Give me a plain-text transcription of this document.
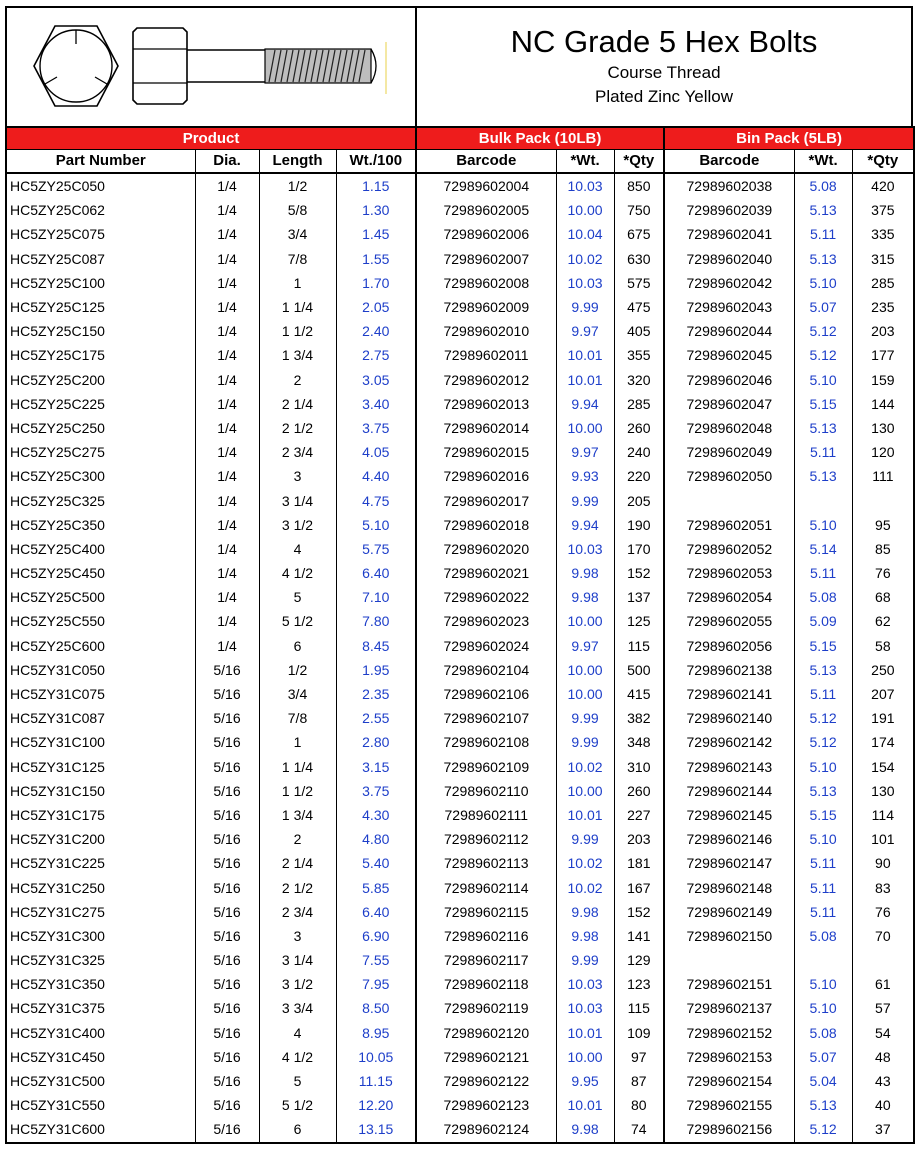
NC Grade 5 Hex Bolts
Course Thread
Plated Zinc Yellow
Product				Bulk Pack (10LB)			Bin Pack (5LB)		
Part Number	Dia.	Length	Wt./100	Barcode	*Wt.	*Qty	Barcode	*Wt.	*Qty
HC5ZY25C050	1/4	1/2	1.15	72989602004	10.03	850	72989602038	5.08	420
HC5ZY25C062	1/4	5/8	1.30	72989602005	10.00	750	72989602039	5.13	375
HC5ZY25C075	1/4	3/4	1.45	72989602006	10.04	675	72989602041	5.11	335
HC5ZY25C087	1/4	7/8	1.55	72989602007	10.02	630	72989602040	5.13	315
HC5ZY25C100	1/4	1	1.70	72989602008	10.03	575	72989602042	5.10	285
HC5ZY25C125	1/4	1 1/4	2.05	72989602009	9.99	475	72989602043	5.07	235
HC5ZY25C150	1/4	1 1/2	2.40	72989602010	9.97	405	72989602044	5.12	203
HC5ZY25C175	1/4	1 3/4	2.75	72989602011	10.01	355	72989602045	5.12	177
HC5ZY25C200	1/4	2	3.05	72989602012	10.01	320	72989602046	5.10	159
HC5ZY25C225	1/4	2 1/4	3.40	72989602013	9.94	285	72989602047	5.15	144
HC5ZY25C250	1/4	2 1/2	3.75	72989602014	10.00	260	72989602048	5.13	130
HC5ZY25C275	1/4	2 3/4	4.05	72989602015	9.97	240	72989602049	5.11	120
HC5ZY25C300	1/4	3	4.40	72989602016	9.93	220	72989602050	5.13	111
HC5ZY25C325	1/4	3 1/4	4.75	72989602017	9.99	205			
HC5ZY25C350	1/4	3 1/2	5.10	72989602018	9.94	190	72989602051	5.10	95
HC5ZY25C400	1/4	4	5.75	72989602020	10.03	170	72989602052	5.14	85
HC5ZY25C450	1/4	4 1/2	6.40	72989602021	9.98	152	72989602053	5.11	76
HC5ZY25C500	1/4	5	7.10	72989602022	9.98	137	72989602054	5.08	68
HC5ZY25C550	1/4	5 1/2	7.80	72989602023	10.00	125	72989602055	5.09	62
HC5ZY25C600	1/4	6	8.45	72989602024	9.97	115	72989602056	5.15	58
HC5ZY31C050	5/16	1/2	1.95	72989602104	10.00	500	72989602138	5.13	250
HC5ZY31C075	5/16	3/4	2.35	72989602106	10.00	415	72989602141	5.11	207
HC5ZY31C087	5/16	7/8	2.55	72989602107	9.99	382	72989602140	5.12	191
HC5ZY31C100	5/16	1	2.80	72989602108	9.99	348	72989602142	5.12	174
HC5ZY31C125	5/16	1 1/4	3.15	72989602109	10.02	310	72989602143	5.10	154
HC5ZY31C150	5/16	1 1/2	3.75	72989602110	10.00	260	72989602144	5.13	130
HC5ZY31C175	5/16	1 3/4	4.30	72989602111	10.01	227	72989602145	5.15	114
HC5ZY31C200	5/16	2	4.80	72989602112	9.99	203	72989602146	5.10	101
HC5ZY31C225	5/16	2 1/4	5.40	72989602113	10.02	181	72989602147	5.11	90
HC5ZY31C250	5/16	2 1/2	5.85	72989602114	10.02	167	72989602148	5.11	83
HC5ZY31C275	5/16	2 3/4	6.40	72989602115	9.98	152	72989602149	5.11	76
HC5ZY31C300	5/16	3	6.90	72989602116	9.98	141	72989602150	5.08	70
HC5ZY31C325	5/16	3 1/4	7.55	72989602117	9.99	129			
HC5ZY31C350	5/16	3 1/2	7.95	72989602118	10.03	123	72989602151	5.10	61
HC5ZY31C375	5/16	3 3/4	8.50	72989602119	10.03	115	72989602137	5.10	57
HC5ZY31C400	5/16	4	8.95	72989602120	10.01	109	72989602152	5.08	54
HC5ZY31C450	5/16	4 1/2	10.05	72989602121	10.00	97	72989602153	5.07	48
HC5ZY31C500	5/16	5	11.15	72989602122	9.95	87	72989602154	5.04	43
HC5ZY31C550	5/16	5 1/2	12.20	72989602123	10.01	80	72989602155	5.13	40
HC5ZY31C600	5/16	6	13.15	72989602124	9.98	74	72989602156	5.12	37
